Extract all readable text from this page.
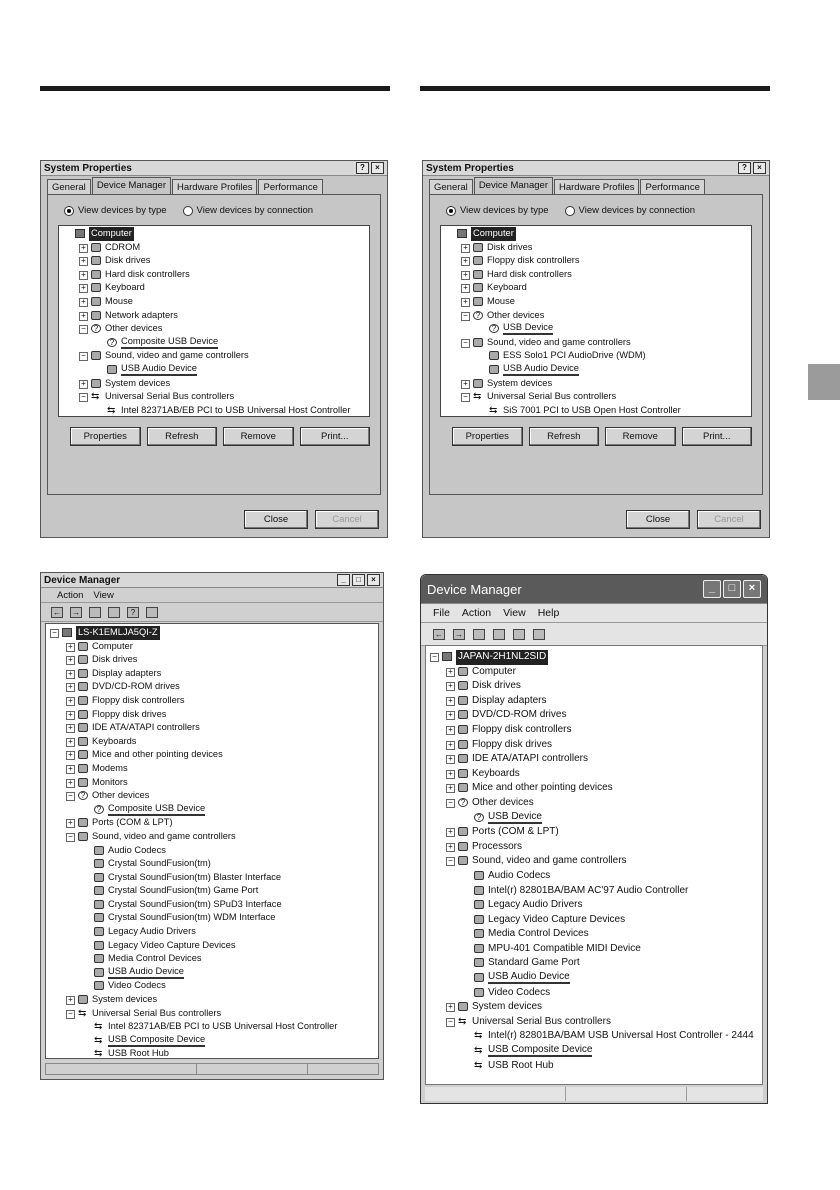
System Properties	?	×
General	Device Manager	Hardware Profiles	Performance
View devices by type	View devices by connection
Computer
+ CDROM
+ Disk drives
+ Hard disk controllers
+ Keyboard
+ Mouse
+ Network adapters
− ? Other devices
? Composite USB Device
− Sound, video and game controllers
USB Audio Device
+ System devices
− ⇆ Universal Serial Bus controllers
⇆ Intel 82371AB/EB PCI to USB Universal Host Controller
Properties	Refresh	Remove	Print...
Close	Cancel
System Properties	?	×
General	Device Manager	Hardware Profiles	Performance
View devices by type	View devices by connection
Computer
+ Disk drives
+ Floppy disk controllers
+ Hard disk controllers
+ Keyboard
+ Mouse
− ? Other devices
? USB Device
− Sound, video and game controllers
ESS Solo1 PCI AudioDrive (WDM)
USB Audio Device
+ System devices
− ⇆ Universal Serial Bus controllers
⇆ SiS 7001 PCI to USB Open Host Controller
Properties	Refresh	Remove	Print...
Close	Cancel
Device Manager	_	□	×
Action View
← →	?
− LS-K1EMLJA5QI-Z
+ Computer
+ Disk drives
+ Display adapters
+ DVD/CD-ROM drives
+ Floppy disk controllers
+ Floppy disk drives
+ IDE ATA/ATAPI controllers
+ Keyboards
+ Mice and other pointing devices
+ Modems
+ Monitors
− ? Other devices
? Composite USB Device
+ Ports (COM & LPT)
− Sound, video and game controllers
Audio Codecs
Crystal SoundFusion(tm)
Crystal SoundFusion(tm) Blaster Interface
Crystal SoundFusion(tm) Game Port
Crystal SoundFusion(tm) SPuD3 Interface
Crystal SoundFusion(tm) WDM Interface
Legacy Audio Drivers
Legacy Video Capture Devices
Media Control Devices
USB Audio Device
Video Codecs
+ System devices
− ⇆ Universal Serial Bus controllers
⇆ Intel 82371AB/EB PCI to USB Universal Host Controller
⇆ USB Composite Device
⇆ USB Root Hub
Device Manager	_	□	×
File Action View Help
← →
− JAPAN-2H1NL2SID
+ Computer
+ Disk drives
+ Display adapters
+ DVD/CD-ROM drives
+ Floppy disk controllers
+ Floppy disk drives
+ IDE ATA/ATAPI controllers
+ Keyboards
+ Mice and other pointing devices
− ? Other devices
? USB Device
+ Ports (COM & LPT)
+ Processors
− Sound, video and game controllers
Audio Codecs
Intel(r) 82801BA/BAM AC'97 Audio Controller
Legacy Audio Drivers
Legacy Video Capture Devices
Media Control Devices
MPU-401 Compatible MIDI Device
Standard Game Port
USB Audio Device
Video Codecs
+ System devices
− ⇆ Universal Serial Bus controllers
⇆ Intel(r) 82801BA/BAM USB Universal Host Controller - 2444
⇆ USB Composite Device
⇆ USB Root Hub
